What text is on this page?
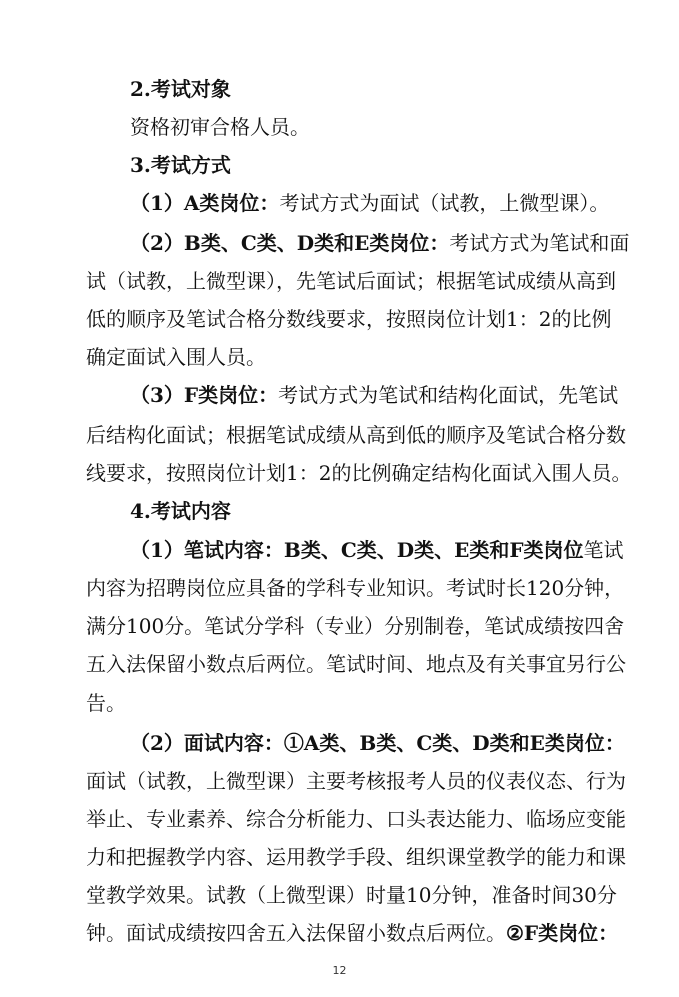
2.考试对象
资格初审合格人员。
3.考试方式
（1）A类岗位：考试方式为面试（试教，上微型课）。
（2）B类、C类、D类和E类岗位：考试方式为笔试和面
试（试教，上微型课），先笔试后面试；根据笔试成绩从高到
低的顺序及笔试合格分数线要求，按照岗位计划1：2的比例
确定面试入围人员。
（3）F类岗位：考试方式为笔试和结构化面试，先笔试
后结构化面试；根据笔试成绩从高到低的顺序及笔试合格分数
线要求，按照岗位计划1：2的比例确定结构化面试入围人员。
4.考试内容
（1）笔试内容：B类、C类、D类、E类和F类岗位笔试
内容为招聘岗位应具备的学科专业知识。考试时长120分钟，
满分100分。笔试分学科（专业）分别制卷，笔试成绩按四舍
五入法保留小数点后两位。笔试时间、地点及有关事宜另行公
告。
（2）面试内容：①A类、B类、C类、D类和E类岗位：
面试（试教，上微型课）主要考核报考人员的仪表仪态、行为
举止、专业素养、综合分析能力、口头表达能力、临场应变能
力和把握教学内容、运用教学手段、组织课堂教学的能力和课
堂教学效果。试教（上微型课）时量10分钟，准备时间30分
钟。面试成绩按四舍五入法保留小数点后两位。②F类岗位：
12
